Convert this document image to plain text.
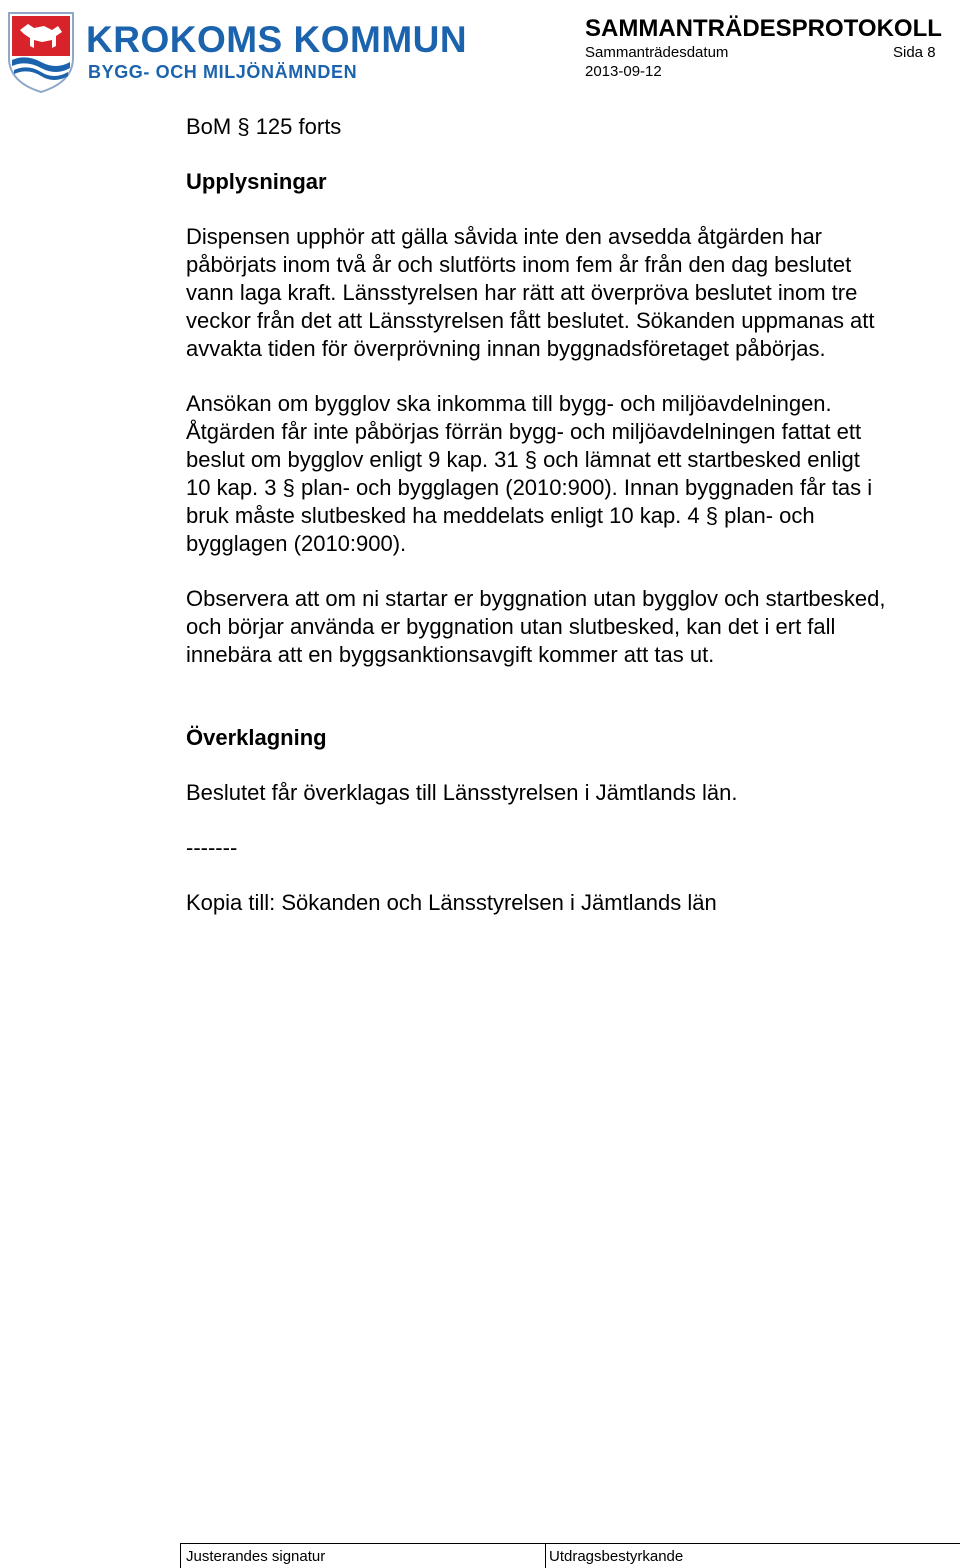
KROKOMS KOMMUN
BYGG- OCH MILJÖNÄMNDEN
SAMMANTRÄDESPROTOKOLL
Sammanträdesdatum	Sida 8
2013-09-12

BoM § 125 forts

Upplysningar

Dispensen upphör att gälla såvida inte den avsedda åtgärden har
påbörjats inom två år och slutförts inom fem år från den dag beslutet
vann laga kraft. Länsstyrelsen har rätt att överpröva beslutet inom tre
veckor från det att Länsstyrelsen fått beslutet. Sökanden uppmanas att
avvakta tiden för överprövning innan byggnadsföretaget påbörjas.

Ansökan om bygglov ska inkomma till bygg- och miljöavdelningen.
Åtgärden får inte påbörjas förrän bygg- och miljöavdelningen fattat ett
beslut om bygglov enligt 9 kap. 31 § och lämnat ett startbesked enligt
10 kap. 3 § plan- och bygglagen (2010:900). Innan byggnaden får tas i
bruk måste slutbesked ha meddelats enligt 10 kap. 4 § plan- och
bygglagen (2010:900).

Observera att om ni startar er byggnation utan bygglov och startbesked,
och börjar använda er byggnation utan slutbesked, kan det i ert fall
innebära att en byggsanktionsavgift kommer att tas ut.

Överklagning

Beslutet får överklagas till Länsstyrelsen i Jämtlands län.

-------

Kopia till: Sökanden och Länsstyrelsen i Jämtlands län

Justerandes signatur	Utdragsbestyrkande
